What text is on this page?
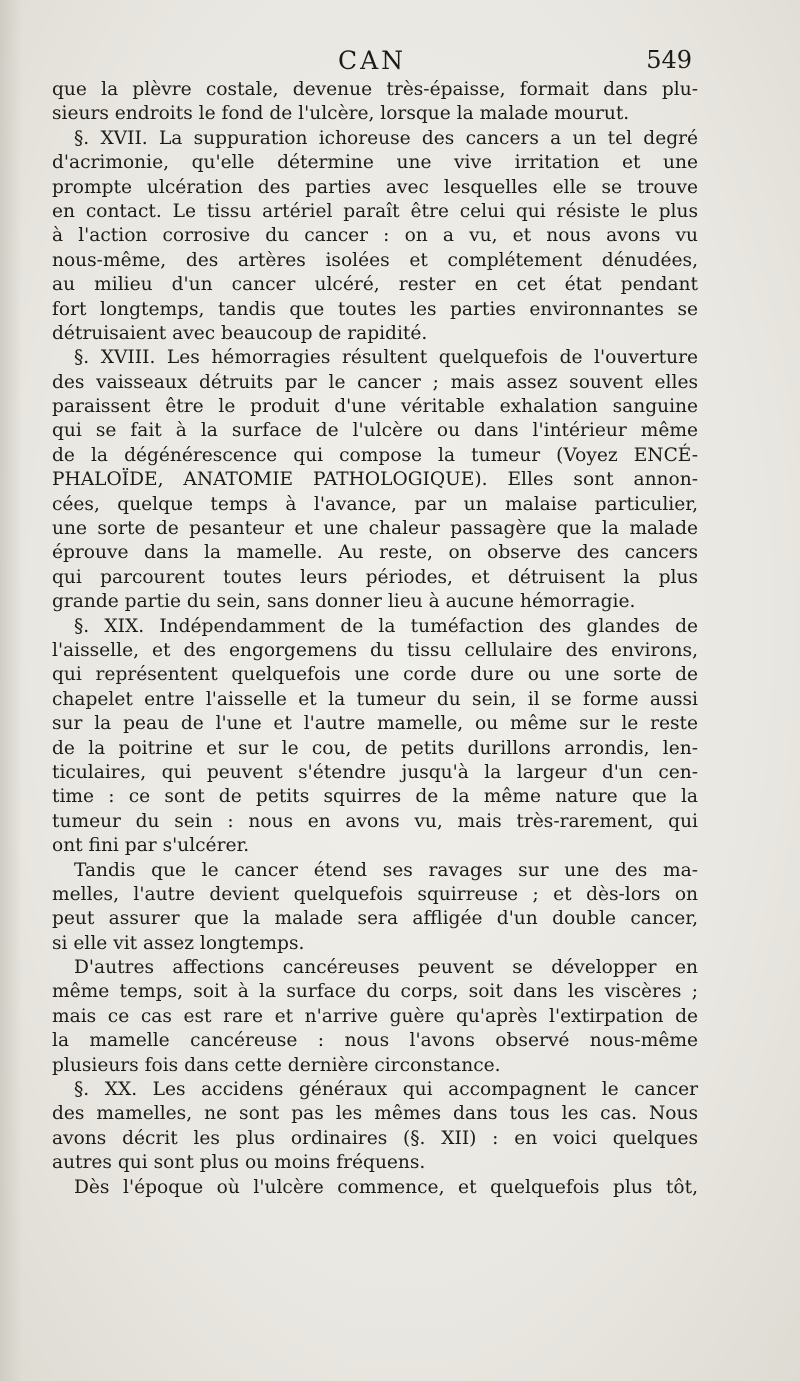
CAN	549
que la plèvre costale, devenue très-épaisse, formait dans plu-
sieurs endroits le fond de l'ulcère, lorsque la malade mourut.
§. XVII. La suppuration ichoreuse des cancers a un tel degré
d'acrimonie, qu'elle détermine une vive irritation et une
prompte ulcération des parties avec lesquelles elle se trouve
en contact. Le tissu artériel paraît être celui qui résiste le plus
à l'action corrosive du cancer : on a vu, et nous avons vu
nous-même, des artères isolées et complétement dénudées,
au milieu d'un cancer ulcéré, rester en cet état pendant
fort longtemps, tandis que toutes les parties environnantes se
détruisaient avec beaucoup de rapidité.
§. XVIII. Les hémorragies résultent quelquefois de l'ouverture
des vaisseaux détruits par le cancer ; mais assez souvent elles
paraissent être le produit d'une véritable exhalation sanguine
qui se fait à la surface de l'ulcère ou dans l'intérieur même
de la dégénérescence qui compose la tumeur (Voyez ENCÉ-
PHALOÏDE, ANATOMIE PATHOLOGIQUE). Elles sont annon-
cées, quelque temps à l'avance, par un malaise particulier,
une sorte de pesanteur et une chaleur passagère que la malade
éprouve dans la mamelle. Au reste, on observe des cancers
qui parcourent toutes leurs périodes, et détruisent la plus
grande partie du sein, sans donner lieu à aucune hémorragie.
§. XIX. Indépendamment de la tuméfaction des glandes de
l'aisselle, et des engorgemens du tissu cellulaire des environs,
qui représentent quelquefois une corde dure ou une sorte de
chapelet entre l'aisselle et la tumeur du sein, il se forme aussi
sur la peau de l'une et l'autre mamelle, ou même sur le reste
de la poitrine et sur le cou, de petits durillons arrondis, len-
ticulaires, qui peuvent s'étendre jusqu'à la largeur d'un cen-
time : ce sont de petits squirres de la même nature que la
tumeur du sein : nous en avons vu, mais très-rarement, qui
ont fini par s'ulcérer.
Tandis que le cancer étend ses ravages sur une des ma-
melles, l'autre devient quelquefois squirreuse ; et dès-lors on
peut assurer que la malade sera affligée d'un double cancer,
si elle vit assez longtemps.
D'autres affections cancéreuses peuvent se développer en
même temps, soit à la surface du corps, soit dans les viscères ;
mais ce cas est rare et n'arrive guère qu'après l'extirpation de
la mamelle cancéreuse : nous l'avons observé nous-même
plusieurs fois dans cette dernière circonstance.
§. XX. Les accidens généraux qui accompagnent le cancer
des mamelles, ne sont pas les mêmes dans tous les cas. Nous
avons décrit les plus ordinaires (§. XII) : en voici quelques
autres qui sont plus ou moins fréquens.
Dès l'époque où l'ulcère commence, et quelquefois plus tôt,
